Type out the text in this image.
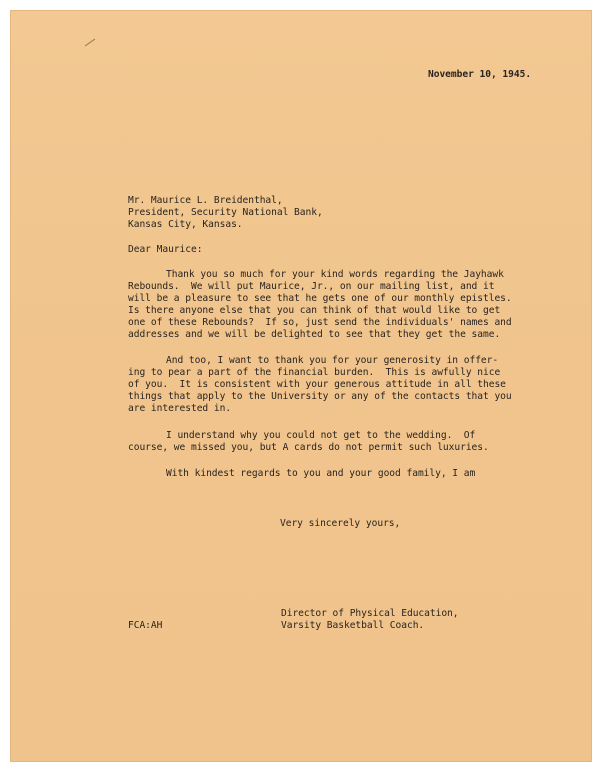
November 10, 1945.
Mr. Maurice L. Breidenthal,
President, Security National Bank,
Kansas City, Kansas.
Dear Maurice:
Thank you so much for your kind words regarding the Jayhawk
Rebounds.  We will put Maurice, Jr., on our mailing list, and it
will be a pleasure to see that he gets one of our monthly epistles.
Is there anyone else that you can think of that would like to get
one of these Rebounds?  If so, just send the individuals' names and
addresses and we will be delighted to see that they get the same.
And too, I want to thank you for your generosity in offer-
ing to pear a part of the financial burden.  This is awfully nice
of you.  It is consistent with your generous attitude in all these
things that apply to the University or any of the contacts that you
are interested in.
I understand why you could not get to the wedding.  Of
course, we missed you, but A cards do not permit such luxuries.
With kindest regards to you and your good family, I am
Very sincerely yours,
Director of Physical Education,
Varsity Basketball Coach.
FCA:AH
